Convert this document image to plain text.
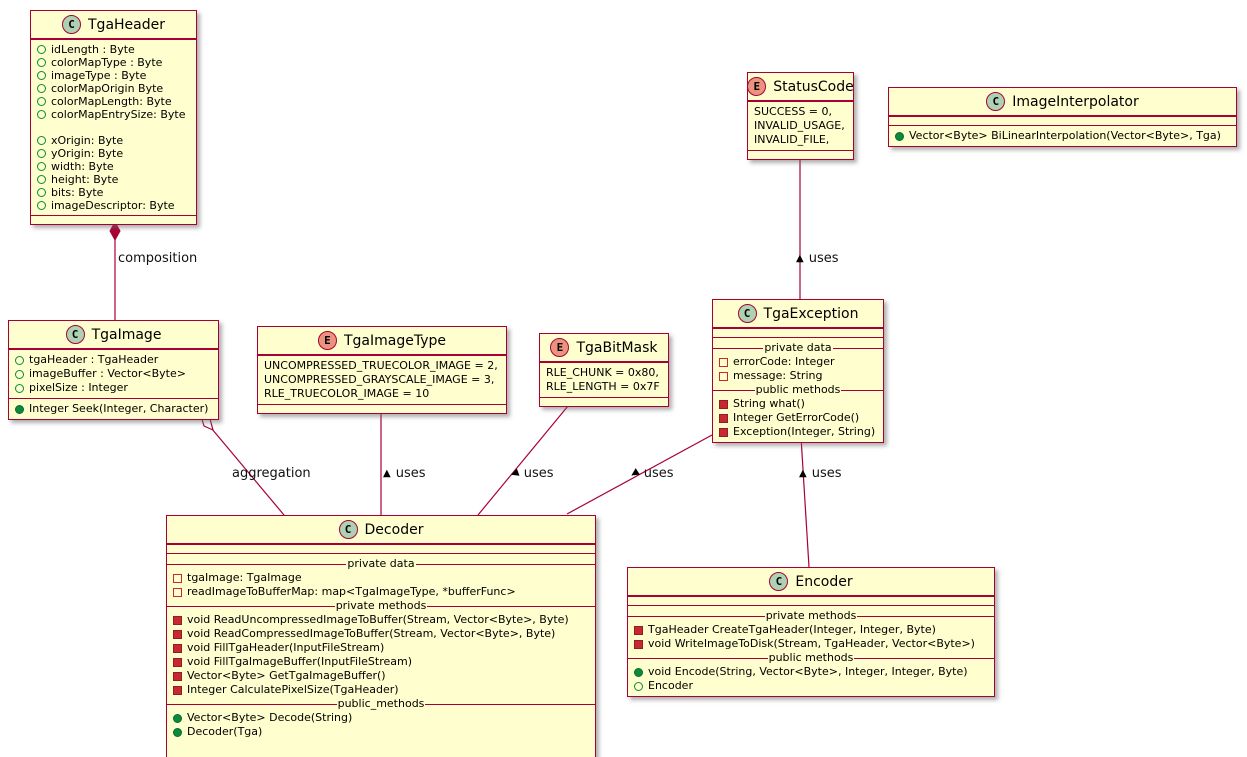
C TgaHeader
idLength : Byte
colorMapType : Byte
imageType : Byte
colorMapOrigin Byte
colorMapLength: Byte
colorMapEntrySize: Byte
xOrigin: Byte
yOrigin: Byte
width: Byte
height: Byte
bits: Byte
imageDescriptor: Byte
E StatusCode
SUCCESS = 0,
INVALID_USAGE,
INVALID_FILE,
C ImageInterpolator
Vector<Byte> BiLinearInterpolation(Vector<Byte>, Tga)
C TgaImage
tgaHeader : TgaHeader
imageBuffer : Vector<Byte>
pixelSize : Integer
Integer Seek(Integer, Character)
E TgaImageType
UNCOMPRESSED_TRUECOLOR_IMAGE = 2,
UNCOMPRESSED_GRAYSCALE_IMAGE = 3,
RLE_TRUECOLOR_IMAGE = 10
E TgaBitMask
RLE_CHUNK = 0x80,
RLE_LENGTH = 0x7F
C TgaException
private data
errorCode: Integer
message: String
public methods
String what()
Integer GetErrorCode()
Exception(Integer, String)
C Decoder
private data
tgaImage: TgaImage
readImageToBufferMap: map<TgaImageType, *bufferFunc>
private methods
void ReadUncompressedImageToBuffer(Stream, Vector<Byte>, Byte)
void ReadCompressedImageToBuffer(Stream, Vector<Byte>, Byte)
void FillTgaHeader(InputFileStream)
void FillTgaImageBuffer(InputFileStream)
Vector<Byte> GetTgaImageBuffer()
Integer CalculatePixelSize(TgaHeader)
public_methods
Vector<Byte> Decode(String)
Decoder(Tga)
C Encoder
private methods
TgaHeader CreateTgaHeader(Integer, Integer, Byte)
void WriteImageToDisk(Stream, TgaHeader, Vector<Byte>)
public methods
void Encode(String, Vector<Byte>, Integer, Integer, Byte)
Encoder
composition
aggregation	▲ uses	◀ uses	◀ uses
▲ uses
▲ uses
